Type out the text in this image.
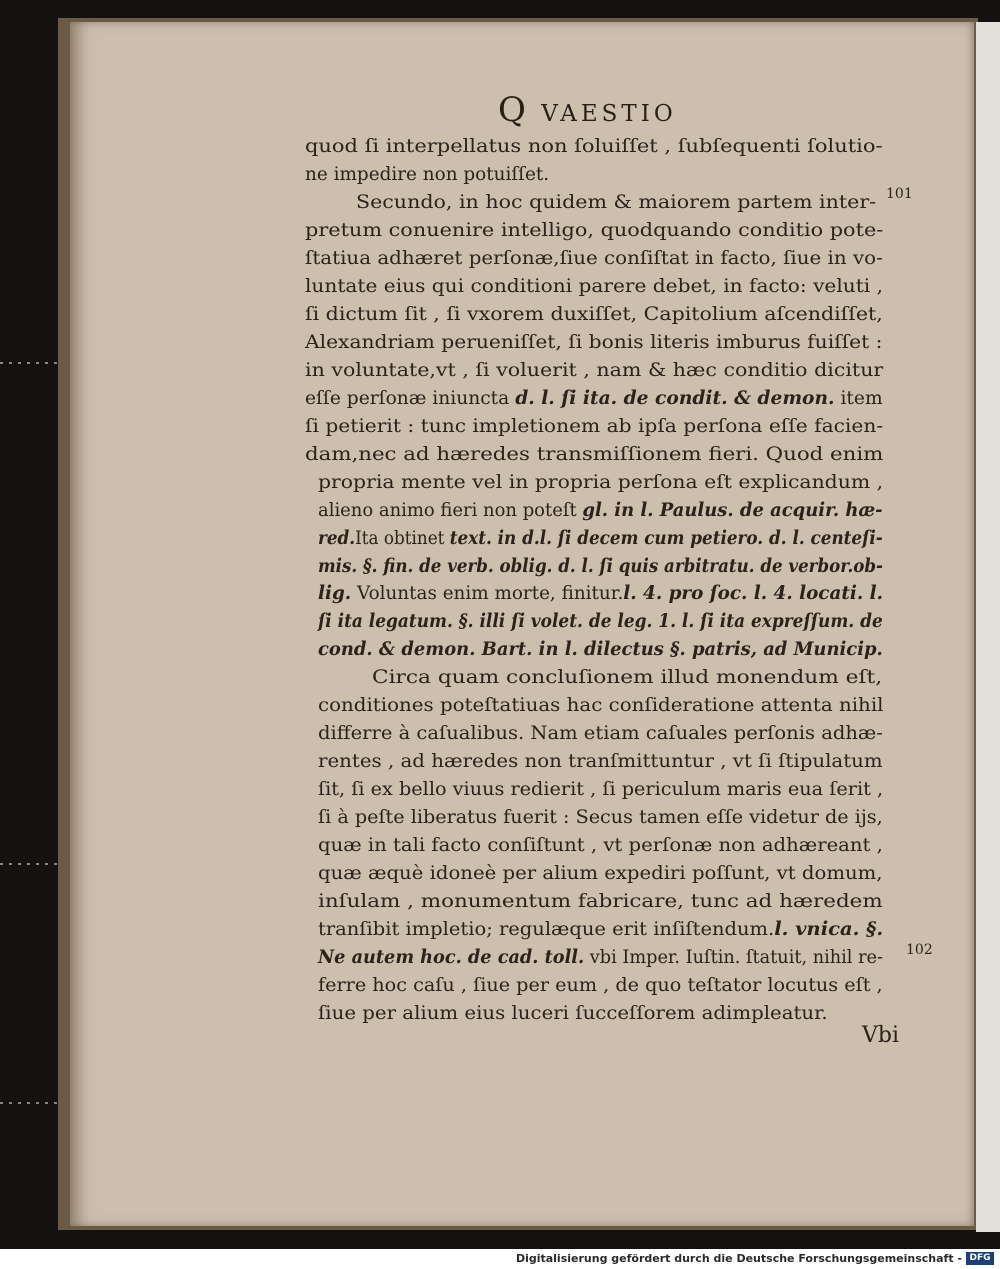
Q VAESTIO
quod ſi interpellatus non ſoluiſſet , ſubſequenti ſolutio-
ne impedire non potuiſſet.
Secundo, in hoc quidem & maiorem partem inter-
pretum conuenire intelligo, quodquando conditio pote-
ſtatiua adhæret perſonæ,ſiue conſiſtat in facto, ſiue in vo-
luntate eius qui conditioni parere debet, in facto: veluti ,
ſi dictum ſit , ſi vxorem duxiſſet, Capitolium aſcendiſſet,
Alexandriam perueniſſet, ſi bonis literis imburus fuiſſet :
in voluntate,vt , ſi voluerit , nam & hæc conditio dicitur
eſſe perſonæ iniuncta d. l. ſi ita. de condit. & demon. item
ſi petierit : tunc impletionem ab ipſa perſona eſſe facien-
dam,nec ad hæredes transmiſſionem fieri. Quod enim
propria mente vel in propria perſona eſt explicandum ,
alieno animo fieri non poteſt gl. in l. Paulus. de acquir. hæ-
red.Ita obtinet text. in d.l. ſi decem cum petiero. d. l. centeſi-
mis. §. fin. de verb. oblig. d. l. ſi quis arbitratu. de verbor.ob-
lig. Voluntas enim morte, finitur.l. 4. pro ſoc. l. 4. locati. l.
ſi ita legatum. §. illi ſi volet. de leg. 1. l. ſi ita expreſſum. de
cond. & demon. Bart. in l. dilectus §. patris, ad Municip.
Circa quam concluſionem illud monendum eſt,
conditiones poteſtatiuas hac conſideratione attenta nihil
differre à caſualibus. Nam etiam caſuales perſonis adhæ-
rentes , ad hæredes non tranſmittuntur , vt ſi ſtipulatum
ſit, ſi ex bello viuus redierit , ſi periculum maris eua ſerit ,
ſi à peſte liberatus fuerit : Secus tamen eſſe videtur de ijs,
quæ in tali facto conſiſtunt , vt perſonæ non adhæreant ,
quæ æquè idoneè per alium expediri poſſunt, vt domum,
inſulam , monumentum fabricare, tunc ad hæredem
tranſibit impletio; regulæque erit inſiſtendum.l. vnica. §.
Ne autem hoc. de cad. toll. vbi Imper. Iuſtin. ſtatuit, nihil re-
ferre hoc caſu , ſiue per eum , de quo teſtator locutus eſt ,
ſiue per alium eius luceri ſucceſſorem adimpleatur.
101
102
Vbi
Digitalisierung gefördert durch die Deutsche Forschungsgemeinschaft - DFG
